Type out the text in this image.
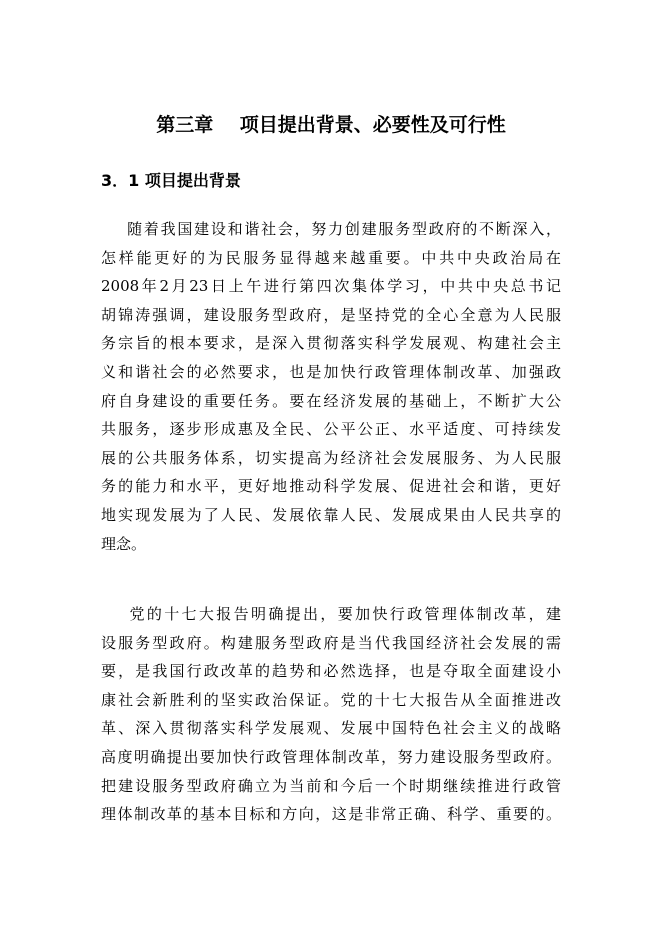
第三章    项目提出背景、必要性及可行性
3．1 项目提出背景
随着我国建设和谐社会，努力创建服务型政府的不断深入，
怎样能更好的为民服务显得越来越重要。中共中央政治局在
2008年2月23日上午进行第四次集体学习，中共中央总书记
胡锦涛强调，建设服务型政府，是坚持党的全心全意为人民服
务宗旨的根本要求，是深入贯彻落实科学发展观、构建社会主
义和谐社会的必然要求，也是加快行政管理体制改革、加强政
府自身建设的重要任务。要在经济发展的基础上，不断扩大公
共服务，逐步形成惠及全民、公平公正、水平适度、可持续发
展的公共服务体系，切实提高为经济社会发展服务、为人民服
务的能力和水平，更好地推动科学发展、促进社会和谐，更好
地实现发展为了人民、发展依靠人民、发展成果由人民共享的
理念。
党的十七大报告明确提出，要加快行政管理体制改革，建
设服务型政府。构建服务型政府是当代我国经济社会发展的需
要，是我国行政改革的趋势和必然选择，也是夺取全面建设小
康社会新胜利的坚实政治保证。党的十七大报告从全面推进改
革、深入贯彻落实科学发展观、发展中国特色社会主义的战略
高度明确提出要加快行政管理体制改革，努力建设服务型政府。
把建设服务型政府确立为当前和今后一个时期继续推进行政管
理体制改革的基本目标和方向，这是非常正确、科学、重要的。
